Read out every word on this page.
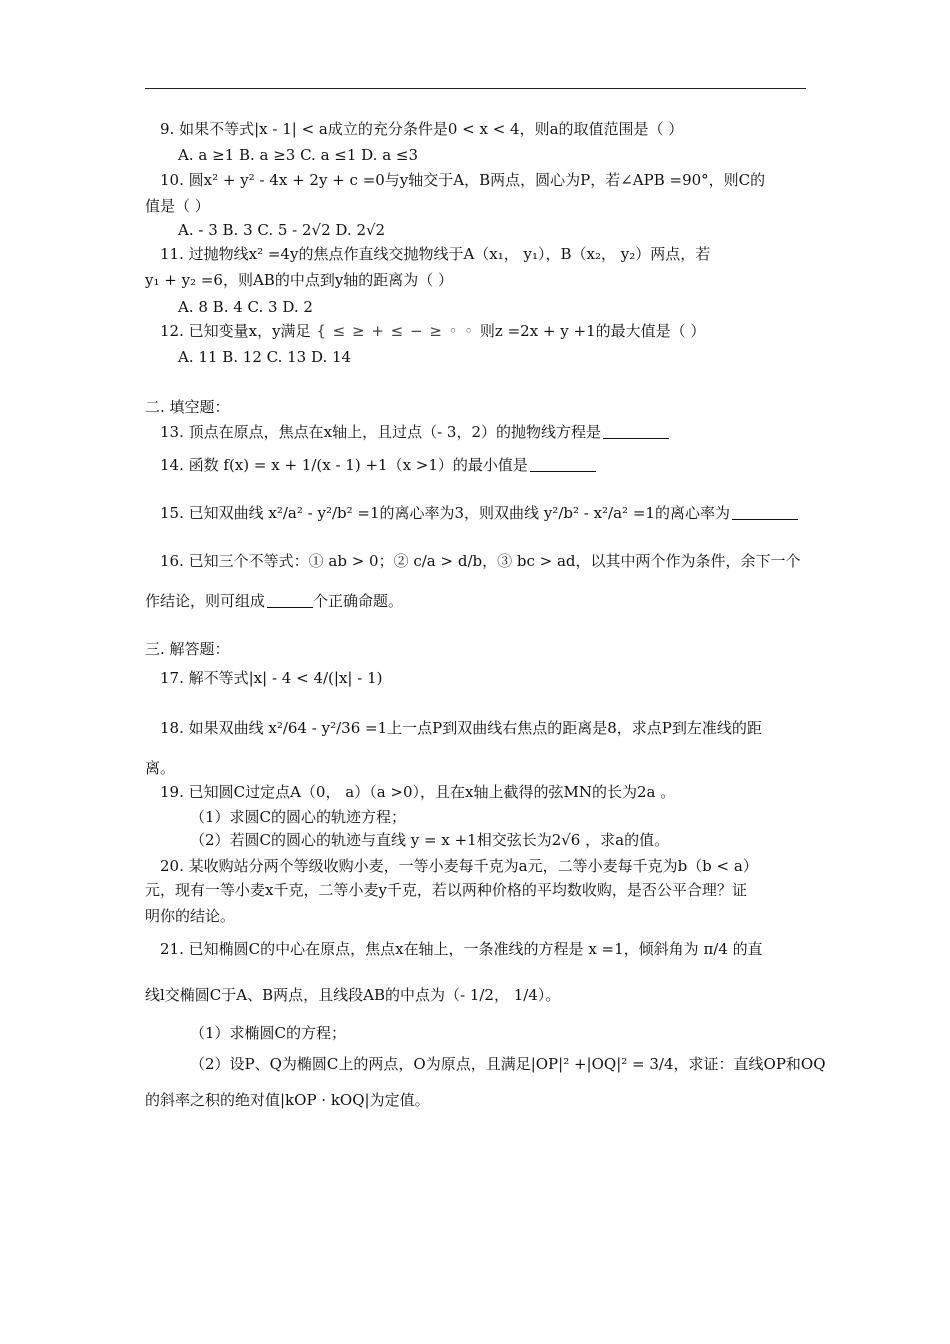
9. 如果不等式|x - 1| < a成立的充分条件是0 < x < 4，则a的取值范围是（ ）
A. a ≥1 B. a ≥3 C. a ≤1 D. a ≤3
10. 圆x² + y² - 4x + 2y + c =0与y轴交于A，B两点，圆心为P，若∠APB =90°，则C的
值是（ ）
A. - 3 B. 3 C. 5 - 2√2 D. 2√2
11. 过抛物线x² =4y的焦点作直线交抛物线于A（x₁， y₁），B（x₂， y₂）两点，若
y₁ + y₂ =6，则AB的中点到y轴的距离为（ ）
A. 8 B. 4 C. 3 D. 2
12. 已知变量x，y满足 { ≤ ≥ + ≤ − ≥ ◦ ◦ 则z =2x + y +1的最大值是（ ）
A. 11 B. 12 C. 13 D. 14
二. 填空题：
13. 顶点在原点，焦点在x轴上，且过点（- 3，2）的抛物线方程是
14. 函数 f(x) = x + 1/(x - 1) +1（x >1）的最小值是
15. 已知双曲线 x²/a² - y²/b² =1的离心率为3，则双曲线 y²/b² - x²/a² =1的离心率为
16. 已知三个不等式：① ab > 0；② c/a > d/b，③ bc > ad，以其中两个作为条件，余下一个
作结论，则可组成	个正确命题。
三. 解答题：
17. 解不等式|x| - 4 < 4/(|x| - 1)
18. 如果双曲线 x²/64 - y²/36 =1上一点P到双曲线右焦点的距离是8，求点P到左准线的距
离。
19. 已知圆C过定点A（0， a）（a >0），且在x轴上截得的弦MN的长为2a 。
（1）求圆C的圆心的轨迹方程；
（2）若圆C的圆心的轨迹与直线 y = x +1相交弦长为2√6 ，求a的值。
20. 某收购站分两个等级收购小麦，一等小麦每千克为a元，二等小麦每千克为b（b < a）
元，现有一等小麦x千克，二等小麦y千克，若以两种价格的平均数收购，是否公平合理？证
明你的结论。
21. 已知椭圆C的中心在原点，焦点x在轴上，一条准线的方程是 x =1，倾斜角为 π/4 的直
线l交椭圆C于A、B两点，且线段AB的中点为（- 1/2， 1/4）。
（1）求椭圆C的方程；
（2）设P、Q为椭圆C上的两点，O为原点，且满足|OP|² +|OQ|² = 3/4，求证：直线OP和OQ
的斜率之积的绝对值|kOP · kOQ|为定值。
